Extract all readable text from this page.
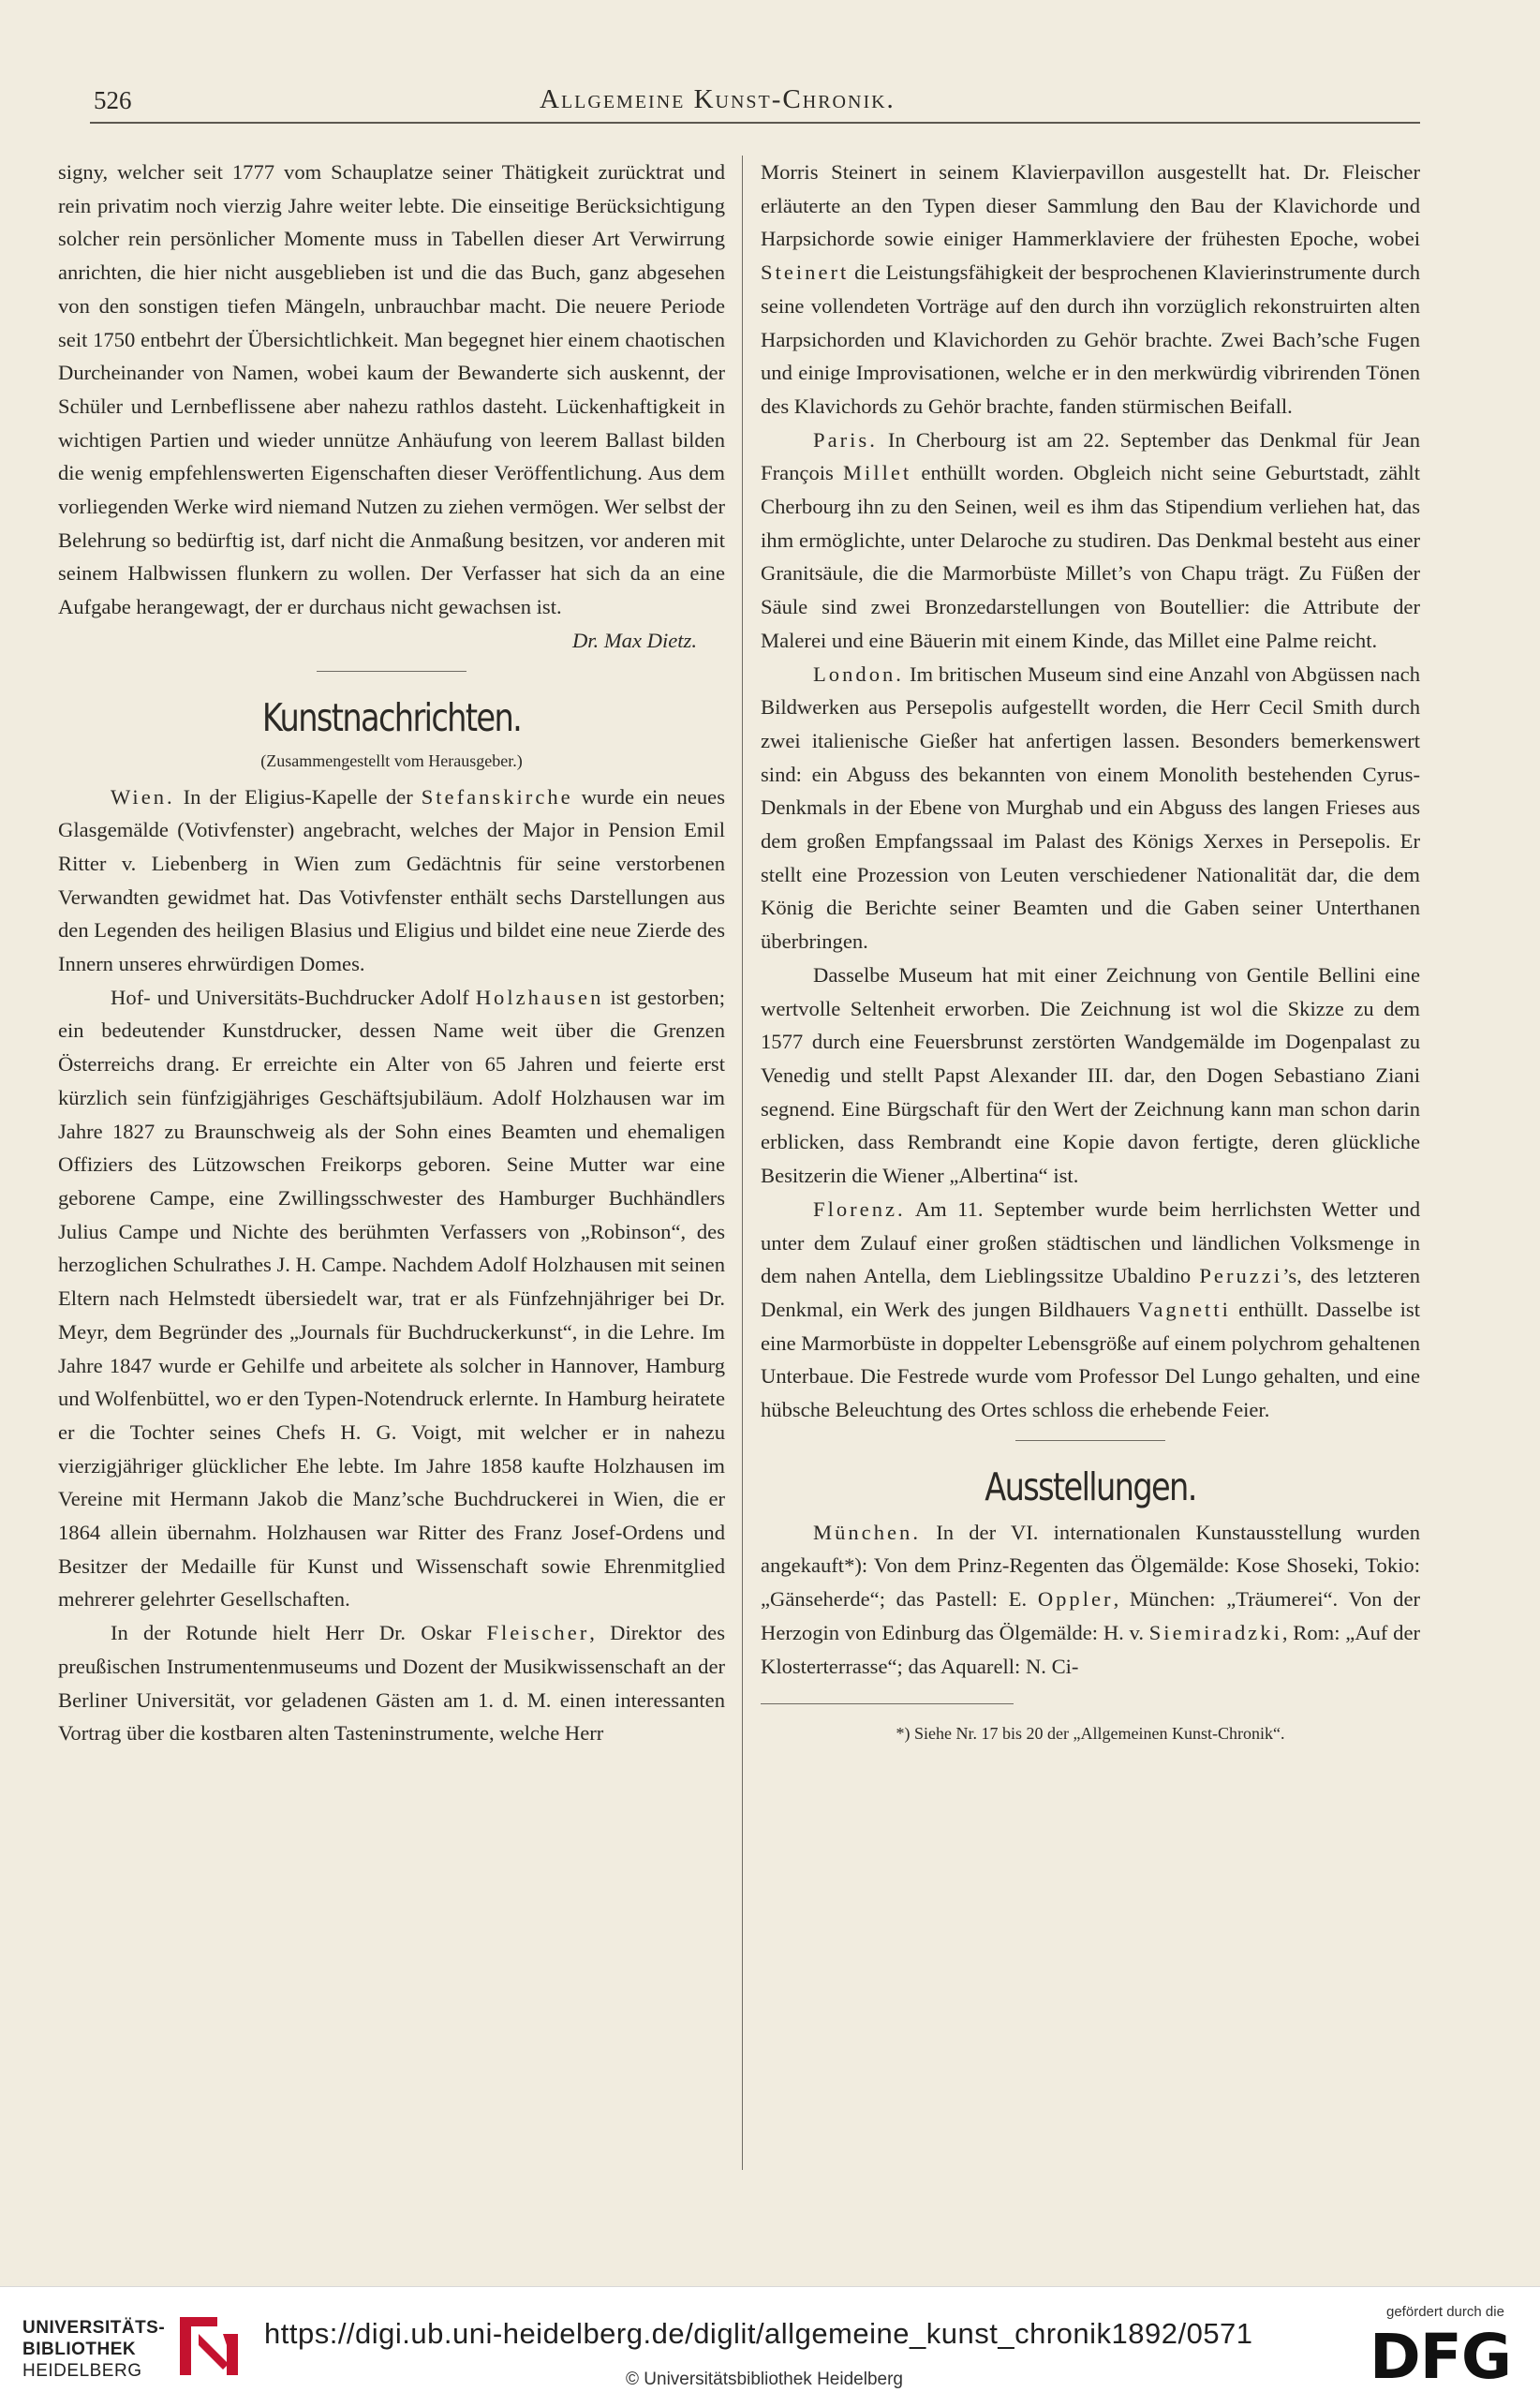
526	Allgemeine Kunst-Chronik.

signy, welcher seit 1777 vom Schauplatze seiner Thätigkeit zurücktrat und rein privatim noch vierzig Jahre weiter lebte. Die einseitige Berücksichtigung solcher rein persönlicher Momente muss in Tabellen dieser Art Verwirrung anrichten, die hier nicht ausgeblieben ist und die das Buch, ganz abgesehen von den sonstigen tiefen Mängeln, unbrauchbar macht. Die neuere Periode seit 1750 entbehrt der Übersichtlichkeit. Man begegnet hier einem chaotischen Durcheinander von Namen, wobei kaum der Bewanderte sich auskennt, der Schüler und Lernbeflissene aber nahezu rathlos dasteht. Lückenhaftigkeit in wichtigen Partien und wieder unnütze Anhäufung von leerem Ballast bilden die wenig empfehlenswerten Eigenschaften dieser Veröffentlichung. Aus dem vorliegenden Werke wird niemand Nutzen zu ziehen vermögen. Wer selbst der Belehrung so bedürftig ist, darf nicht die Anmaßung besitzen, vor anderen mit seinem Halbwissen flunkern zu wollen. Der Verfasser hat sich da an eine Aufgabe herangewagt, der er durchaus nicht gewachsen ist.

Dr. Max Dietz.
Kunstnachrichten.
(Zusammengestellt vom Herausgeber.)

Wien. In der Eligius-Kapelle der Stefanskirche wurde ein neues Glasgemälde (Votivfenster) angebracht, welches der Major in Pension Emil Ritter v. Liebenberg in Wien zum Gedächtnis für seine verstorbenen Verwandten gewidmet hat. Das Votivfenster enthält sechs Darstellungen aus den Legenden des heiligen Blasius und Eligius und bildet eine neue Zierde des Innern unseres ehrwürdigen Domes.

Hof- und Universitäts-Buchdrucker Adolf Holzhausen ist gestorben; ein bedeutender Kunstdrucker, dessen Name weit über die Grenzen Österreichs drang. Er erreichte ein Alter von 65 Jahren und feierte erst kürzlich sein fünfzigjähriges Geschäftsjubiläum. Adolf Holzhausen war im Jahre 1827 zu Braunschweig als der Sohn eines Beamten und ehemaligen Offiziers des Lützowschen Freikorps geboren. Seine Mutter war eine geborene Campe, eine Zwillingsschwester des Hamburger Buchhändlers Julius Campe und Nichte des berühmten Verfassers von „Robinson“, des herzoglichen Schulrathes J. H. Campe. Nachdem Adolf Holzhausen mit seinen Eltern nach Helmstedt übersiedelt war, trat er als Fünfzehnjähriger bei Dr. Meyr, dem Begründer des „Journals für Buchdruckerkunst“, in die Lehre. Im Jahre 1847 wurde er Gehilfe und arbeitete als solcher in Hannover, Hamburg und Wolfenbüttel, wo er den Typen-Notendruck erlernte. In Hamburg heiratete er die Tochter seines Chefs H. G. Voigt, mit welcher er in nahezu vierzigjähriger glücklicher Ehe lebte. Im Jahre 1858 kaufte Holzhausen im Vereine mit Hermann Jakob die Manz’sche Buchdruckerei in Wien, die er 1864 allein übernahm. Holzhausen war Ritter des Franz Josef-Ordens und Besitzer der Medaille für Kunst und Wissenschaft sowie Ehrenmitglied mehrerer gelehrter Gesellschaften.

In der Rotunde hielt Herr Dr. Oskar Fleischer, Direktor des preußischen Instrumentenmuseums und Dozent der Musikwissenschaft an der Berliner Universität, vor geladenen Gästen am 1. d. M. einen interessanten Vortrag über die kostbaren alten Tasteninstrumente, welche Herr

Morris Steinert in seinem Klavierpavillon ausgestellt hat. Dr. Fleischer erläuterte an den Typen dieser Sammlung den Bau der Klavichorde und Harpsichorde sowie einiger Hammerklaviere der frühesten Epoche, wobei Steinert die Leistungsfähigkeit der besprochenen Klavierinstrumente durch seine vollendeten Vorträge auf den durch ihn vorzüglich rekonstruirten alten Harpsichorden und Klavichorden zu Gehör brachte. Zwei Bach’sche Fugen und einige Improvisationen, welche er in den merkwürdig vibrirenden Tönen des Klavichords zu Gehör brachte, fanden stürmischen Beifall.

Paris. In Cherbourg ist am 22. September das Denkmal für Jean François Millet enthüllt worden. Obgleich nicht seine Geburtstadt, zählt Cherbourg ihn zu den Seinen, weil es ihm das Stipendium verliehen hat, das ihm ermöglichte, unter Delaroche zu studiren. Das Denkmal besteht aus einer Granitsäule, die die Marmorbüste Millet’s von Chapu trägt. Zu Füßen der Säule sind zwei Bronzedarstellungen von Boutellier: die Attribute der Malerei und eine Bäuerin mit einem Kinde, das Millet eine Palme reicht.

London. Im britischen Museum sind eine Anzahl von Abgüssen nach Bildwerken aus Persepolis aufgestellt worden, die Herr Cecil Smith durch zwei italienische Gießer hat anfertigen lassen. Besonders bemerkenswert sind: ein Abguss des bekannten von einem Monolith bestehenden Cyrus-Denkmals in der Ebene von Murghab und ein Abguss des langen Frieses aus dem großen Empfangssaal im Palast des Königs Xerxes in Persepolis. Er stellt eine Prozession von Leuten verschiedener Nationalität dar, die dem König die Berichte seiner Beamten und die Gaben seiner Unterthanen überbringen.

Dasselbe Museum hat mit einer Zeichnung von Gentile Bellini eine wertvolle Seltenheit erworben. Die Zeichnung ist wol die Skizze zu dem 1577 durch eine Feuersbrunst zerstörten Wandgemälde im Dogenpalast zu Venedig und stellt Papst Alexander III. dar, den Dogen Sebastiano Ziani segnend. Eine Bürgschaft für den Wert der Zeichnung kann man schon darin erblicken, dass Rembrandt eine Kopie davon fertigte, deren glückliche Besitzerin die Wiener „Albertina“ ist.

Florenz. Am 11. September wurde beim herrlichsten Wetter und unter dem Zulauf einer großen städtischen und ländlichen Volksmenge in dem nahen Antella, dem Lieblingssitze Ubaldino Peruzzi’s, des letzteren Denkmal, ein Werk des jungen Bildhauers Vagnetti enthüllt. Dasselbe ist eine Marmorbüste in doppelter Lebensgröße auf einem polychrom gehaltenen Unterbaue. Die Festrede wurde vom Professor Del Lungo gehalten, und eine hübsche Beleuchtung des Ortes schloss die erhebende Feier.

Ausstellungen.

München. In der VI. internationalen Kunstausstellung wurden angekauft*): Von dem Prinz-Regenten das Ölgemälde: Kose Shoseki, Tokio: „Gänseherde“; das Pastell: E. Oppler, München: „Träumerei“. Von der Herzogin von Edinburg das Ölgemälde: H. v. Siemiradzki, Rom: „Auf der Klosterterrasse“; das Aquarell: N. Ci-

*) Siehe Nr. 17 bis 20 der „Allgemeinen Kunst-Chronik“.
UNIVERSITÄTS-
BIBLIOTHEK
HEIDELBERG
https://digi.ub.uni-heidelberg.de/diglit/allgemeine_kunst_chronik1892/0571
© Universitätsbibliothek Heidelberg
gefördert durch die
DFG
